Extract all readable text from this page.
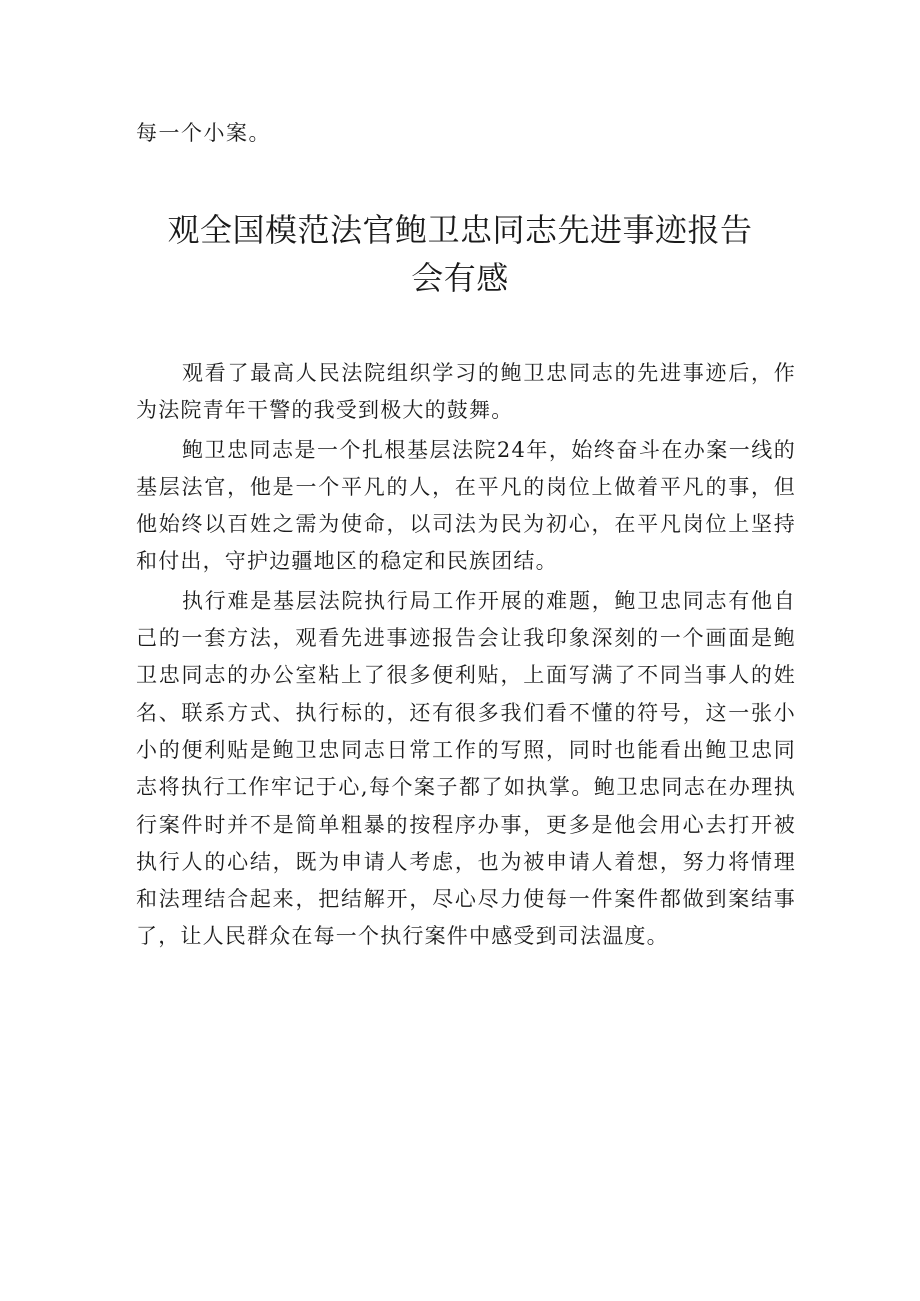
每一个小案。

观全国模范法官鲍卫忠同志先进事迹报告
会有感

观看了最高人民法院组织学习的鲍卫忠同志的先进事迹后，作为法院青年干警的我受到极大的鼓舞。

鲍卫忠同志是一个扎根基层法院24年，始终奋斗在办案一线的基层法官，他是一个平凡的人，在平凡的岗位上做着平凡的事，但他始终以百姓之需为使命，以司法为民为初心，在平凡岗位上坚持和付出，守护边疆地区的稳定和民族团结。

执行难是基层法院执行局工作开展的难题，鲍卫忠同志有他自己的一套方法，观看先进事迹报告会让我印象深刻的一个画面是鲍卫忠同志的办公室粘上了很多便利贴，上面写满了不同当事人的姓名、联系方式、执行标的，还有很多我们看不懂的符号，这一张小小的便利贴是鲍卫忠同志日常工作的写照，同时也能看出鲍卫忠同志将执行工作牢记于心,每个案子都了如执掌。鲍卫忠同志在办理执行案件时并不是简单粗暴的按程序办事，更多是他会用心去打开被执行人的心结，既为申请人考虑，也为被申请人着想，努力将情理和法理结合起来，把结解开，尽心尽力使每一件案件都做到案结事了，让人民群众在每一个执行案件中感受到司法温度。
